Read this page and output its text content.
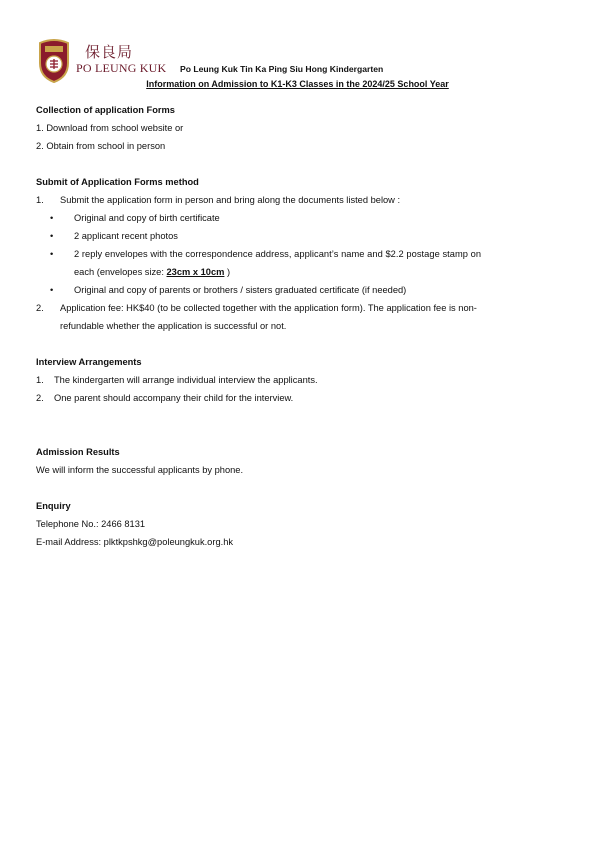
保良局
PO LEUNG KUK Po Leung Kuk Tin Ka Ping Siu Hong Kindergarten
Information on Admission to K1-K3 Classes in the 2024/25 School Year
Collection of application Forms
1. Download from school website or
2. Obtain from school in person
Submit of Application Forms method
1. Submit the application form in person and bring along the documents listed below :
• Original and copy of birth certificate
• 2 applicant recent photos
• 2 reply envelopes with the correspondence address, applicant’s name and $2.2 postage stamp on
each (envelopes size: 23cm x 10cm )
• Original and copy of parents or brothers / sisters graduated certificate (if needed)
2. Application fee: HK$40 (to be collected together with the application form). The application fee is non-
refundable whether the application is successful or not.
Interview Arrangements
1. The kindergarten will arrange individual interview the applicants.
2. One parent should accompany their child for the interview.
Admission Results
We will inform the successful applicants by phone.
Enquiry
Telephone No.: 2466 8131
E-mail Address: plktkpshkg@poleungkuk.org.hk
